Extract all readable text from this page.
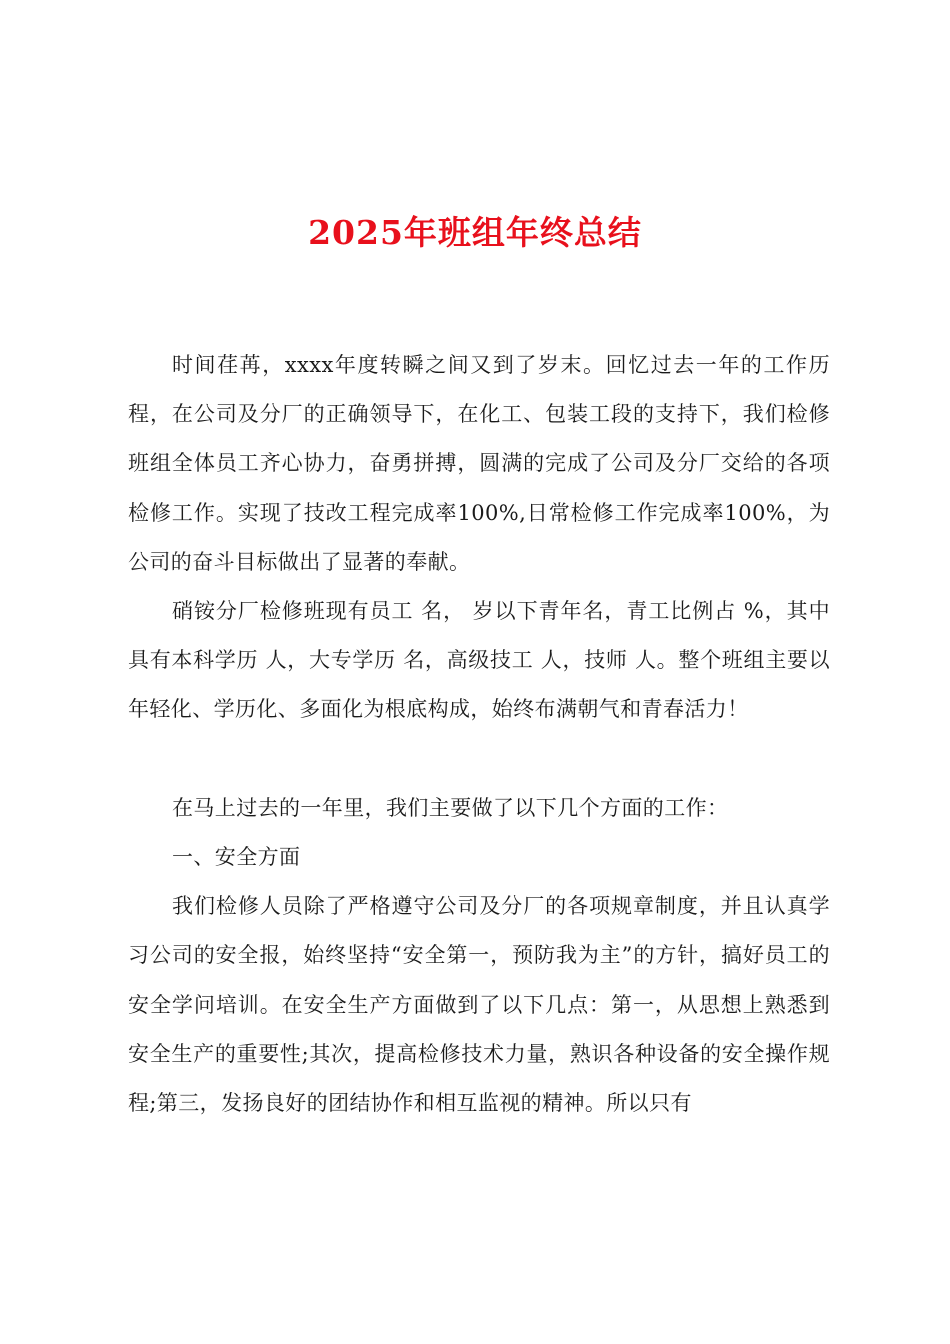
2025年班组年终总结

时间荏苒，xxxx年度转瞬之间又到了岁末。回忆过去一年的工作历程，在公司及分厂的正确领导下，在化工、包装工段的支持下，我们检修班组全体员工齐心协力，奋勇拼搏，圆满的完成了公司及分厂交给的各项检修工作。实现了技改工程完成率100%,日常检修工作完成率100%，为公司的奋斗目标做出了显著的奉献。

硝铵分厂检修班现有员工 名， 岁以下青年名，青工比例占 %，其中具有本科学历 人，大专学历 名，高级技工 人，技师 人。整个班组主要以年轻化、学历化、多面化为根底构成，始终布满朝气和青春活力！

在马上过去的一年里，我们主要做了以下几个方面的工作：

一、安全方面

我们检修人员除了严格遵守公司及分厂的各项规章制度，并且认真学习公司的安全报，始终坚持“安全第一，预防我为主”的方针，搞好员工的安全学问培训。在安全生产方面做到了以下几点：第一，从思想上熟悉到安全生产的重要性;其次，提高检修技术力量，熟识各种设备的安全操作规程;第三，发扬良好的团结协作和相互监视的精神。所以只有
